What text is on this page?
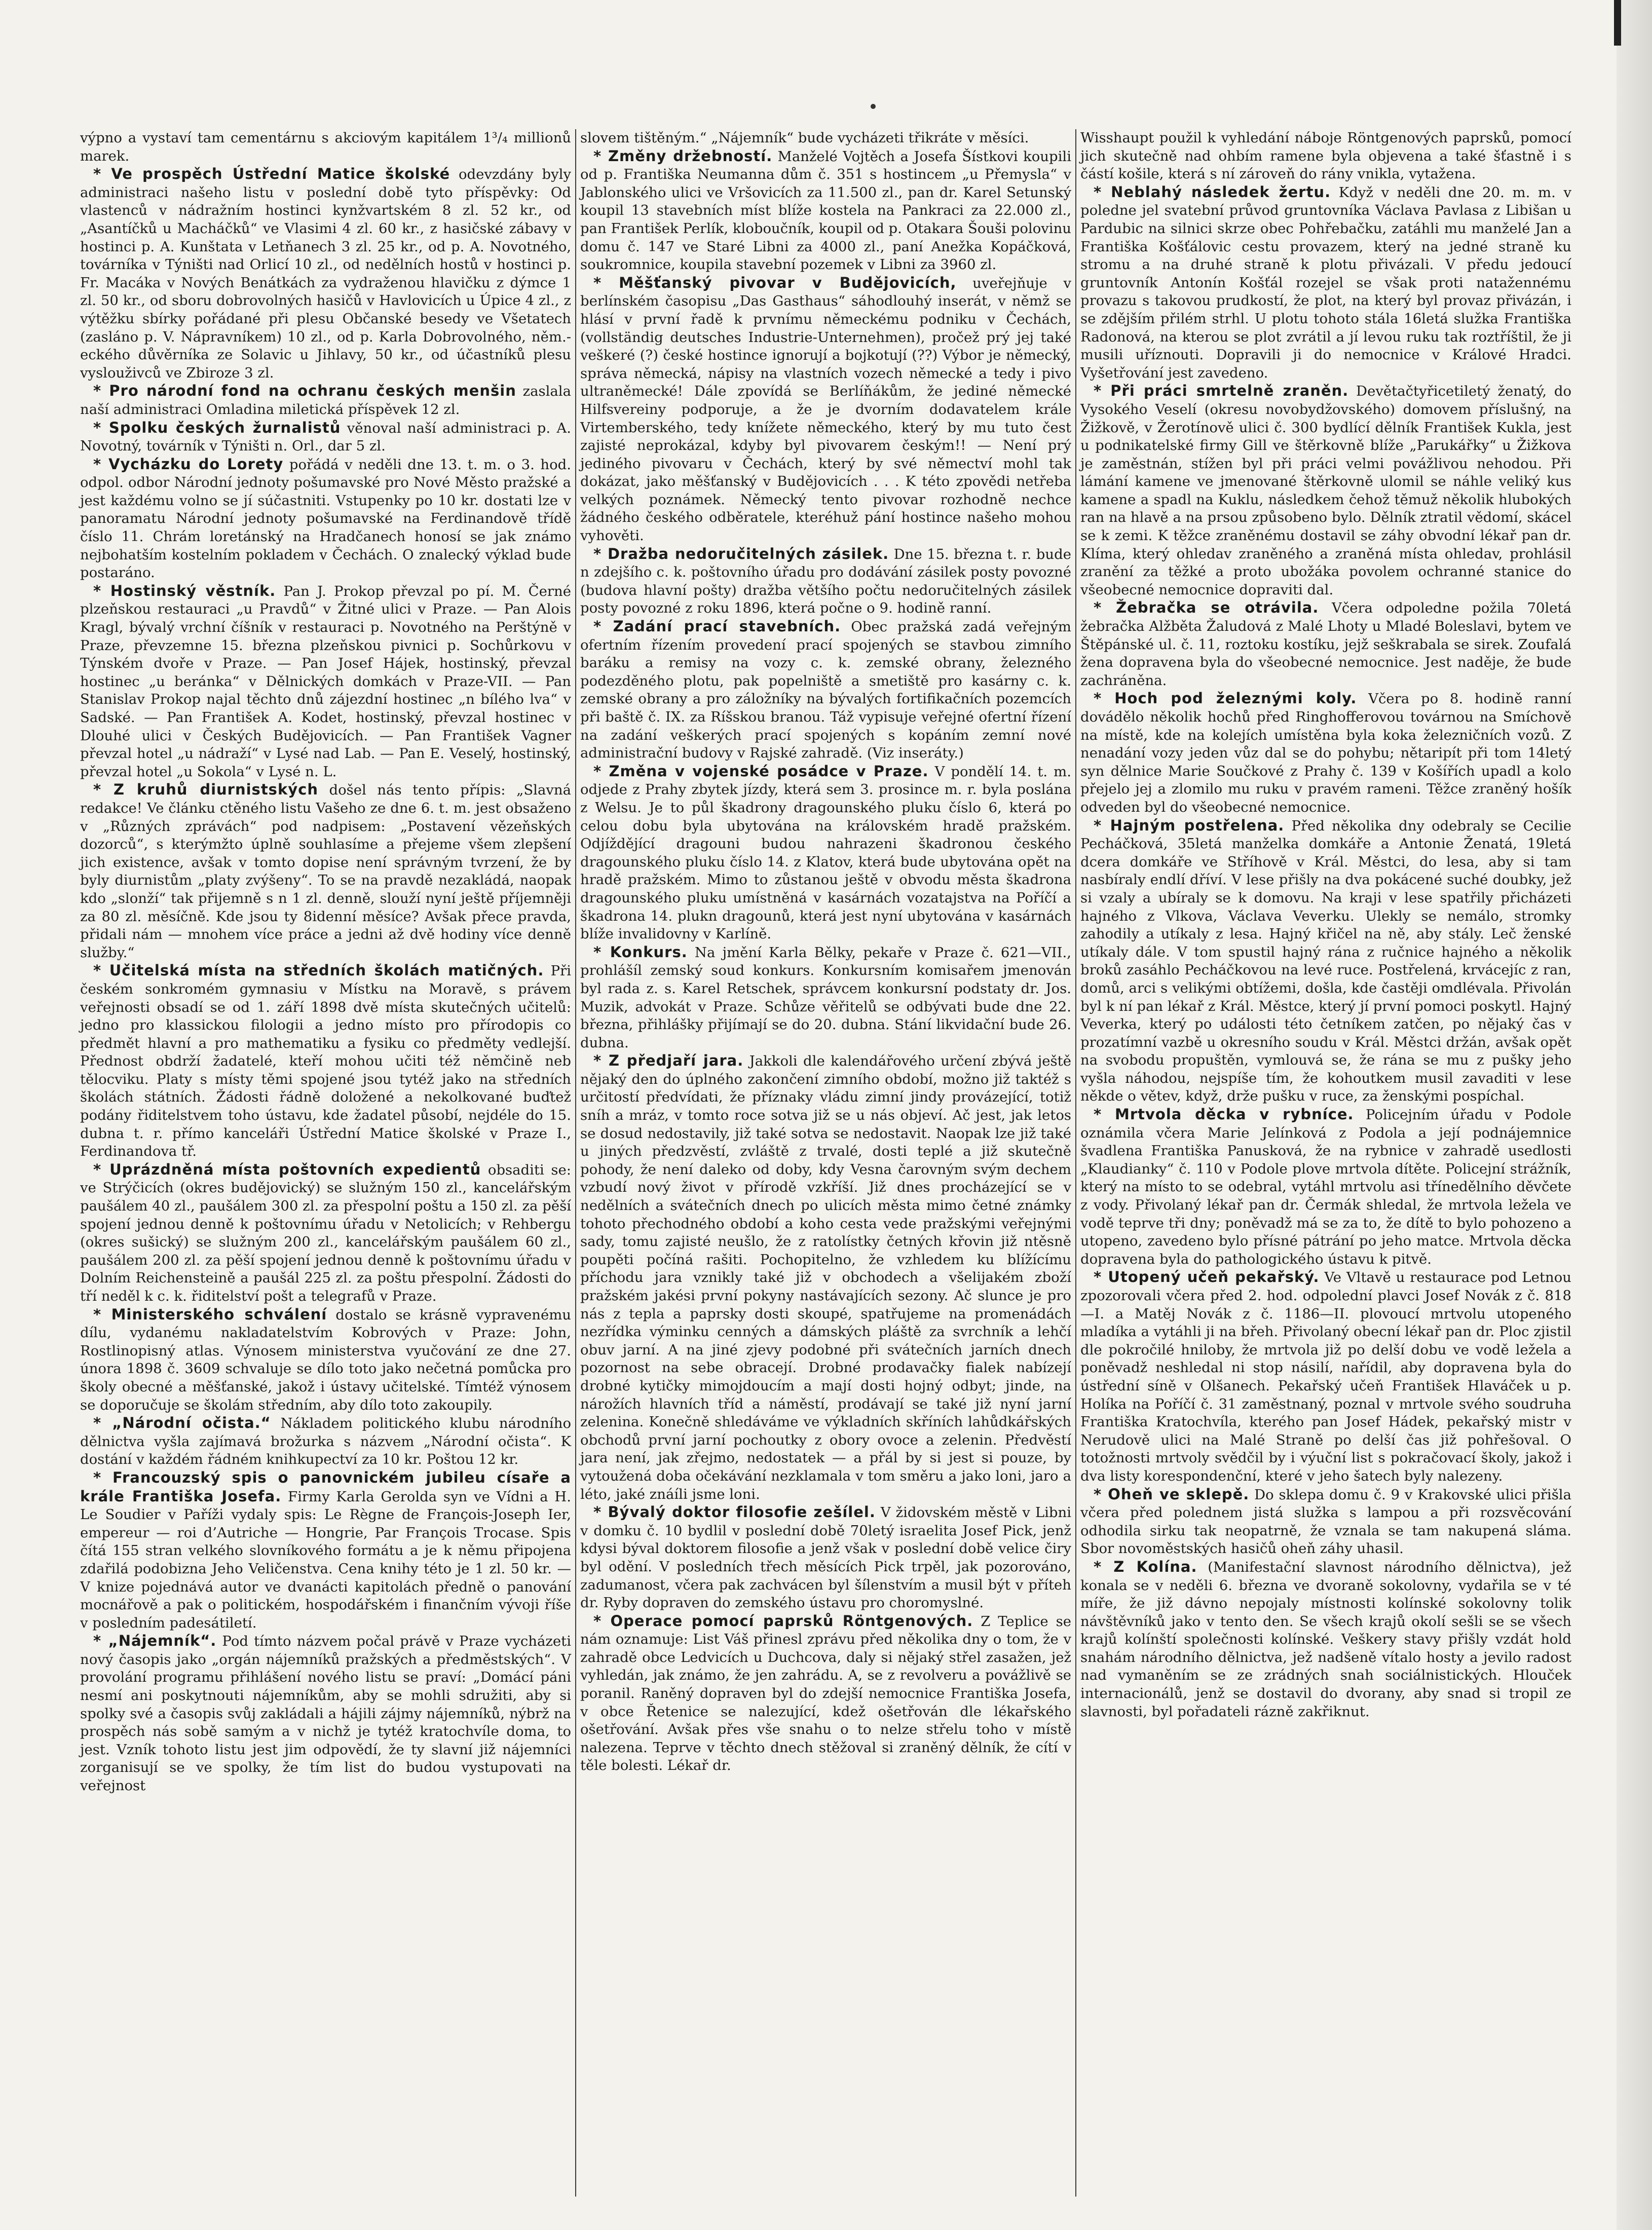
výpno a vystaví tam cementárnu s akciovým kapitálem 1³/₄ millionů marek.

* Ve prospěch Ústřední Matice školské odevzdány byly administraci našeho listu v poslední době tyto příspěvky: Od vlastenců v nádražním hostinci kynžvartském 8 zl. 52 kr., od „Asantíčků u Macháčků“ ve Vlasimi 4 zl. 60 kr., z hasičské zábavy v hostinci p. A. Kunštata v Letňanech 3 zl. 25 kr., od p. A. Novotného, továrníka v Týništi nad Orlicí 10 zl., od nedělních hostů v hostinci p. Fr. Macáka v Nových Benátkách za vydraženou hlavičku z dýmce 1 zl. 50 kr., od sboru dobrovolných hasičů v Havlovicích u Úpice 4 zl., z výtěžku sbírky pořádané při plesu Občanské besedy ve Všetatech (zasláno p. V. Nápravníkem) 10 zl., od p. Karla Dobrovolného, něm.-eckého důvěrníka ze Solavic u Jihlavy, 50 kr., od účastníků plesu vyslouživců ve Zbiroze 3 zl.

* Pro národní fond na ochranu českých menšin zaslala naší administraci Omladina miletická příspěvek 12 zl.

* Spolku českých žurnalistů věnoval naší administraci p. A. Novotný, továrník v Týništi n. Orl., dar 5 zl.

* Vycházku do Lorety pořádá v neděli dne 13. t. m. o 3. hod. odpol. odbor Národní jednoty pošumavské pro Nové Město pražské a jest každému volno se jí súčastniti. Vstupenky po 10 kr. dostati lze v panoramatu Národní jednoty pošumavské na Ferdinandově třídě číslo 11. Chrám loretánský na Hradčanech honosí se jak známo nejbohatším kostelním pokladem v Čechách. O znalecký výklad bude postaráno.

* Hostinský věstník. Pan J. Prokop převzal po pí. M. Černé plzeňskou restauraci „u Pravdů“ v Žitné ulici v Praze. — Pan Alois Kragl, bývalý vrchní číšník v restauraci p. Novotného na Perštýně v Praze, převzemne 15. března plzeňskou pivnici p. Sochůrkovu v Týnském dvoře v Praze. — Pan Josef Hájek, hostinský, převzal hostinec „u beránka“ v Dělnických domkách v Praze-VII. — Pan Stanislav Prokop najal těchto dnů zájezdní hostinec „n bílého lva“ v Sadské. — Pan František A. Kodet, hostinský, převzal hostinec v Dlouhé ulici v Českých Budějovicích. — Pan František Vagner převzal hotel „u nádraží“ v Lysé nad Lab. — Pan E. Veselý, hostinský, převzal hotel „u Sokola“ v Lysé n. L.

* Z kruhů diurnistských došel nás tento přípis: „Slavná redakce! Ve článku ctěného listu Vašeho ze dne 6. t. m. jest obsaženo v „Různých zprávách“ pod nadpisem: „Postavení vězeňských dozorců“, s kterýmžto úplně souhlasíme a přejeme všem zlepšení jich existence, avšak v tomto dopise není správným tvrzení, že by byly diurnistům „platy zvýšeny“. To se na pravdě nezakládá, naopak kdo „slonží“ tak přijemně s n 1 zl. denně, slouží nyní ještě příjemněji za 80 zl. měsíčně. Kde jsou ty 8idenní měsíce? Avšak přece pravda, přidali nám — mnohem více práce a jedni až dvě hodiny více denně služby.“

* Učitelská místa na středních školách matičných. Při českém sonkromém gymnasiu v Místku na Moravě, s právem veřejnosti obsadí se od 1. září 1898 dvě místa skutečných učitelů: jedno pro klassickou filologii a jedno místo pro přírodopis co předmět hlavní a pro mathematiku a fysiku co předměty vedlejší. Přednost obdrží žadatelé, kteří mohou učiti též němčině neb tělocviku. Platy s místy těmi spojené jsou tytéž jako na středních školách státních. Žádosti řádně doložené a nekolkované buďtež podány řiditelstvem toho ústavu, kde žadatel působí, nejdéle do 15. dubna t. r. přímo kanceláři Ústřední Matice školské v Praze I., Ferdinandova tř.

* Uprázdněná místa poštovních expedientů obsaditi se: ve Strýčicích (okres budějovický) se služným 150 zl., kancelářským paušálem 40 zl., paušálem 300 zl. za přespolní poštu a 150 zl. za pěší spojení jednou denně k poštovnímu úřadu v Netolicích; v Rehbergu (okres sušický) se služným 200 zl., kancelářským paušálem 60 zl., paušálem 200 zl. za pěší spojení jednou denně k poštovnímu úřadu v Dolním Reichensteině a paušál 225 zl. za poštu přespolní. Žádosti do tří neděl k c. k. řiditelství pošt a telegrafů v Praze.

* Ministerského schválení dostalo se krásně vypravenému dílu, vydanému nakladatelstvím Kobrových v Praze: John, Rostlinopisný atlas. Výnosem ministerstva vyučování ze dne 27. února 1898 č. 3609 schvaluje se dílo toto jako nečetná pomůcka pro školy obecné a měšťanské, jakož i ústavy učitelské. Tímtéž výnosem se doporučuje se školám středním, aby dílo toto zakoupily.

* „Národní očista.“ Nákladem politického klubu národního dělnictva vyšla zajímavá brožurka s názvem „Národní očista“. K dostání v každém řádném knihkupectví za 10 kr. Poštou 12 kr.

* Francouzský spis o panovnickém jubileu císaře a krále Františka Josefa. Firmy Karla Gerolda syn ve Vídni a H. Le Soudier v Paříži vydaly spis: Le Règne de François-Joseph Ier, empereur — roi d’Autriche — Hongrie, Par François Trocase. Spis čítá 155 stran velkého slovníkového formátu a je k němu připojena zdařilá podobizna Jeho Veličenstva. Cena knihy této je 1 zl. 50 kr. — V knize pojednává autor ve dvanácti kapitolách předně o panování mocnářově a pak o politickém, hospodářském i finančním vývoji říše v posledním padesátiletí.

* „Nájemník“. Pod tímto názvem počal právě v Praze vycházeti nový časopis jako „orgán nájemníků pražských a předměstských“. V provolání programu přihlášení nového listu se praví: „Domácí páni nesmí ani poskytnouti nájemníkům, aby se mohli sdružiti, aby si spolky své a časopis svůj zakládali a hájili zájmy nájemníků, nýbrž na prospěch nás sobě samým a v nichž je tytéž kratochvíle doma, to jest. Vzník tohoto listu jest jim odpovědí, že ty slavní již nájemníci zorganisují se ve spolky, že tím list do budou vystupovati na veřejnost

slovem tištěným.“ „Nájemník“ bude vycházeti třikráte v měsíci.

* Změny držebností. Manželé Vojtěch a Josefa Šístkovi koupili od p. Františka Neumanna dům č. 351 s hostincem „u Přemysla“ v Jablonského ulici ve Vršovicích za 11.500 zl., pan dr. Karel Setunský koupil 13 stavebních míst blíže kostela na Pankraci za 22.000 zl., pan František Perlík, kloboučník, koupil od p. Otakara Šouši polovinu domu č. 147 ve Staré Libni za 4000 zl., paní Anežka Kopáčková, soukromnice, koupila stavební pozemek v Libni za 3960 zl.

* Měšťanský pivovar v Budějovicích, uveřejňuje v berlínském časopisu „Das Gasthaus“ sáhodlouhý inserát, v němž se hlásí v první řadě k prvnímu německému podniku v Čechách, (vollständig deutsches Industrie-Unternehmen), pročež prý jej také veškeré (?) české hostince ignorují a bojkotují (??) Výbor je německý, správa německá, nápisy na vlastních vozech německé a tedy i pivo ultraněmecké! Dále zpovídá se Berlíňákům, že jediné německé Hilfsvereiny podporuje, a že je dvorním dodavatelem krále Virtemberského, tedy knížete německého, který by mu tuto čest zajisté neprokázal, kdyby byl pivovarem českým!! — Není prý jediného pivovaru v Čechách, který by své němectví mohl tak dokázat, jako měšťanský v Budějovicích . . . K této zpovědi netřeba velkých poznámek. Německý tento pivovar rozhodně nechce žádného českého odběratele, kteréhuž pání hostince našeho mohou vyhověti.

* Dražba nedoručitelných zásilek. Dne 15. března t. r. bude n zdejšího c. k. poštovního úřadu pro dodávání zásilek posty povozné (budova hlavní pošty) dražba většího počtu nedoručitelných zásilek posty povozné z roku 1896, která počne o 9. hodině ranní.

* Zadání prací stavebních. Obec pražská zadá veřejným ofertním řízením provedení prací spojených se stavbou zimního baráku a remisy na vozy c. k. zemské obrany, železného podezděného plotu, pak popelniště a smetiště pro kasárny c. k. zemské obrany a pro záložníky na bývalých fortifikačních pozemcích při baště č. IX. za Ríšskou branou. Táž vypisuje veřejné ofertní řízení na zadání veškerých prací spojených s kopáním zemní nové administrační budovy v Rajské zahradě. (Viz inseráty.)

* Změna v vojenské posádce v Praze. V pondělí 14. t. m. odjede z Prahy zbytek jízdy, která sem 3. prosince m. r. byla poslána z Welsu. Je to půl škadrony dragounského pluku číslo 6, která po celou dobu byla ubytována na královském hradě pražském. Odjíždějící dragouni budou nahrazeni škadronou českého dragounského pluku číslo 14. z Klatov, která bude ubytována opět na hradě pražském. Mimo to zůstanou ještě v obvodu města škadrona dragounského pluku umístněná v kasárnách vozatajstva na Poříčí a škadrona 14. plukn dragounů, která jest nyní ubytována v kasárnách blíže invalidovny v Karlíně.

* Konkurs. Na jmění Karla Bělky, pekaře v Praze č. 621—VII., prohlášíl zemský soud konkurs. Konkursním komisařem jmenován byl rada z. s. Karel Retschek, správcem konkursní podstaty dr. Jos. Muzik, advokát v Praze. Schůze věřitelů se odbývati bude dne 22. března, přihlášky přijímají se do 20. dubna. Stání likvidační bude 26. dubna.

* Z předjaří jara. Jakkoli dle kalendářového určení zbývá ještě nějaký den do úplného zakončení zimního období, možno již taktéž s určitostí předvídati, že příznaky vládu zimní jindy provázející, totiž sníh a mráz, v tomto roce sotva již se u nás objeví. Ač jest, jak letos se dosud nedostavily, již také sotva se nedostavit. Naopak lze již také u jiných předzvěstí, zvláště z trvalé, dosti teplé a již skutečně pohody, že není daleko od doby, kdy Vesna čarovným svým dechem vzbudí nový život v přírodě vzkříší. Již dnes procházející se v nedělních a svátečních dnech po ulicích města mimo četné známky tohoto přechodného období a koho cesta vede pražskými veřejnými sady, tomu zajisté neušlo, že z ratolístky četných křovin již ntěsně poupěti počíná rašiti. Pochopitelno, že vzhledem ku blížícímu příchodu jara vznikly také již v obchodech a všelijakém zboží pražském jakési první pokyny nastávajících sezony. Ač slunce je pro nás z tepla a paprsky dosti skoupé, spatřujeme na promenádách nezřídka výminku cenných a dámských pláště za svrchník a lehčí obuv jarní. A na jiné zjevy podobné při svátečních jarních dnech pozornost na sebe obracejí. Drobné prodavačky fialek nabízejí drobné kytičky mimojdoucím a mají dosti hojný odbyt; jinde, na nárožích hlavních tříd a náměstí, prodávají se také již nyní jarní zelenina. Konečně shledáváme ve výkladních skříních lahůdkářských obchodů první jarní pochoutky z obory ovoce a zelenin. Předvěstí jara není, jak zřejmo, nedostatek — a přál by si jest si pouze, by vytoužená doba očekávání nezklamala v tom směru a jako loni, jaro a léto, jaké znáíli jsme loni.

* Bývalý doktor filosofie zešílel. V židovském městě v Libni v domku č. 10 bydlil v poslední době 70letý israelita Josef Pick, jenž kdysi býval doktorem filosofie a jenž však v poslední době velice čiry byl odění. V posledních třech měsících Pick trpěl, jak pozorováno, zadumanost, včera pak zachvácen byl šílenstvím a musil být v příteh dr. Ryby dopraven do zemského ústavu pro choromyslné.

* Operace pomocí paprsků Röntgenových. Z Teplice se nám oznamuje: List Váš přinesl zprávu před několika dny o tom, že v zahradě obce Ledvicích u Duchcova, daly si nějaký střel zasažen, jež vyhledán, jak známo, že jen zahrádu. A, se z revolveru a povážlivě se poranil. Raněný dopraven byl do zdejší nemocnice Františka Josefa, v obce Řetenice se nalezující, kdež ošetřován dle lékařského ošetřování. Avšak přes vše snahu o to nelze střelu toho v místě nalezena. Teprve v těchto dnech stěžoval si zraněný dělník, že cítí v těle bolesti. Lékař dr.

Wisshaupt použil k vyhledání náboje Röntgenových paprsků, pomocí jich skutečně nad ohbím ramene byla objevena a také šťastně i s částí košile, která s ní zároveň do rány vnikla, vytažena.

* Neblahý následek žertu. Když v neděli dne 20. m. m. v poledne jel svatební průvod gruntovníka Václava Pavlasa z Libišan u Pardubic na silnici skrze obec Pohřebačku, zatáhli mu manželé Jan a Františka Košťálovic cestu provazem, který na jedné straně ku stromu a na druhé straně k plotu přivázali. V předu jedoucí gruntovník Antonín Košťál rozejel se však proti natažennému provazu s takovou prudkostí, že plot, na který byl provaz přivázán, i se zdějším přilém strhl. U plotu tohoto stála 16letá služka Františka Radonová, na kterou se plot zvrátil a jí levou ruku tak roztříštil, že ji musili uříznouti. Dopravili ji do nemocnice v Králové Hradci. Vyšetřování jest zavedeno.

* Při práci smrtelně zraněn. Devětačtyřicetiletý ženatý, do Vysokého Veselí (okresu novobydžovského) domovem příslušný, na Žižkově, v Žerotínově ulici č. 300 bydlící dělník František Kukla, jest u podnikatelské firmy Gill ve štěrkovně blíže „Parukářky“ u Žižkova je zaměstnán, stížen byl při práci velmi povážlivou nehodou. Při lámání kamene ve jmenované štěrkovně ulomil se náhle veliký kus kamene a spadl na Kuklu, následkem čehož těmuž několik hlubokých ran na hlavě a na prsou způsobeno bylo. Dělník ztratil vědomí, skácel se k zemi. K těžce zraněnému dostavil se záhy obvodní lékař pan dr. Klíma, který ohledav zraněného a zraněná místa ohledav, prohlásil zranění za těžké a proto ubožáka povolem ochranné stanice do všeobecné nemocnice dopraviti dal.

* Žebračka se otrávila. Včera odpoledne požila 70letá žebračka Alžběta Žaludová z Malé Lhoty u Mladé Boleslavi, bytem ve Štěpánské ul. č. 11, roztoku kostíku, jejž seškrabala se sirek. Zoufalá žena dopravena byla do všeobecné nemocnice. Jest naděje, že bude zachráněna.

* Hoch pod železnými koly. Včera po 8. hodině ranní dovádělo několik hochů před Ringhofferovou továrnou na Smíchově na místě, kde na kolejích umístěna byla koka železničních vozů. Z nenadání vozy jeden vůz dal se do pohybu; nětaripít při tom 14letý syn dělnice Marie Součkové z Prahy č. 139 v Košířích upadl a kolo přejelo jej a zlomilo mu ruku v pravém rameni. Těžce zraněný hošík odveden byl do všeobecné nemocnice.

* Hajným postřelena. Před několika dny odebraly se Cecilie Pecháčková, 35letá manželka domkáře a Antonie Ženatá, 19letá dcera domkáře ve Stříhově v Král. Městci, do lesa, aby si tam nasbíraly endlí dříví. V lese přišly na dva pokácené suché doubky, jež si vzaly a ubíraly se k domovu. Na kraji v lese spatřily přicházeti hajného z Vlkova, Václava Veverku. Ulekly se nemálo, stromky zahodily a utíkaly z lesa. Hajný křičel na ně, aby stály. Leč ženské utíkaly dále. V tom spustil hajný rána z ručnice hajného a několik broků zasáhlo Pecháčkovou na levé ruce. Postřelená, krvácejíc z ran, domů, arci s velikými obtížemi, došla, kde častěji omdlévala. Přivolán byl k ní pan lékař z Král. Městce, který jí první pomoci poskytl. Hajný Veverka, který po události této četníkem zatčen, po nějaký čas v prozatímní vazbě u okresního soudu v Král. Městci držán, avšak opět na svobodu propuštěn, vymlouvá se, že rána se mu z pušky jeho vyšla náhodou, nejspíše tím, že kohoutkem musil zavaditi v lese někde o větev, když, drže pušku v ruce, za ženskými pospíchal.

* Mrtvola děcka v rybníce. Policejním úřadu v Podole oznámila včera Marie Jelínková z Podola a její podnájemnice švadlena Františka Panusková, že na rybnice v zahradě usedlosti „Klaudianky“ č. 110 v Podole plove mrtvola dítěte. Policejní strážník, který na místo to se odebral, vytáhl mrtvolu asi třínedělního děvčete z vody. Přivolaný lékař pan dr. Čermák shledal, že mrtvola ležela ve vodě teprve tři dny; poněvadž má se za to, že dítě to bylo pohozeno a utopeno, zavedeno bylo přísné pátrání po jeho matce. Mrtvola děcka dopravena byla do pathologického ústavu k pitvě.

* Utopený učeň pekařský. Ve Vltavě u restaurace pod Letnou zpozorovali včera před 2. hod. odpolední plavci Josef Novák z č. 818—I. a Matěj Novák z č. 1186—II. plovoucí mrtvolu utopeného mladíka a vytáhli ji na břeh. Přivolaný obecní lékař pan dr. Ploc zjistil dle pokročilé hniloby, že mrtvola již po delší dobu ve vodě ležela a poněvadž neshledal ni stop násilí, nařídil, aby dopravena byla do ústřední síně v Olšanech. Pekařský učeň František Hlaváček u p. Holíka na Poříčí č. 31 zaměstnaný, poznal v mrtvole svého soudruha Františka Kratochvíla, kterého pan Josef Hádek, pekařský mistr v Nerudově ulici na Malé Straně po delší čas již pohřešoval. O totožnosti mrtvoly svědčil by i výuční list s pokračovací školy, jakož i dva listy korespondenční, které v jeho šatech byly nalezeny.

* Oheň ve sklepě. Do sklepa domu č. 9 v Krakovské ulici přišla včera před polednem jistá služka s lampou a při rozsvěcování odhodila sirku tak neopatrně, že vznala se tam nakupená sláma. Sbor novoměstských hasičů oheň záhy uhasil.

* Z Kolína. (Manifestační slavnost národního dělnictva), jež konala se v neděli 6. března ve dvoraně sokolovny, vydařila se v té míře, že již dávno nepojaly místnosti kolínské sokolovny tolik návštěvníků jako v tento den. Se všech krajů okolí sešli se se všech krajů kolínští společnosti kolínské. Veškery stavy přišly vzdát hold snahám národního dělnictva, jež nadšeně vítalo hosty a jevilo radost nad vymaněním se ze zrádných snah sociálnistických. Hlouček internacionálů, jenž se dostavil do dvorany, aby snad si tropil ze slavnosti, byl pořadateli rázně zakřiknut.
